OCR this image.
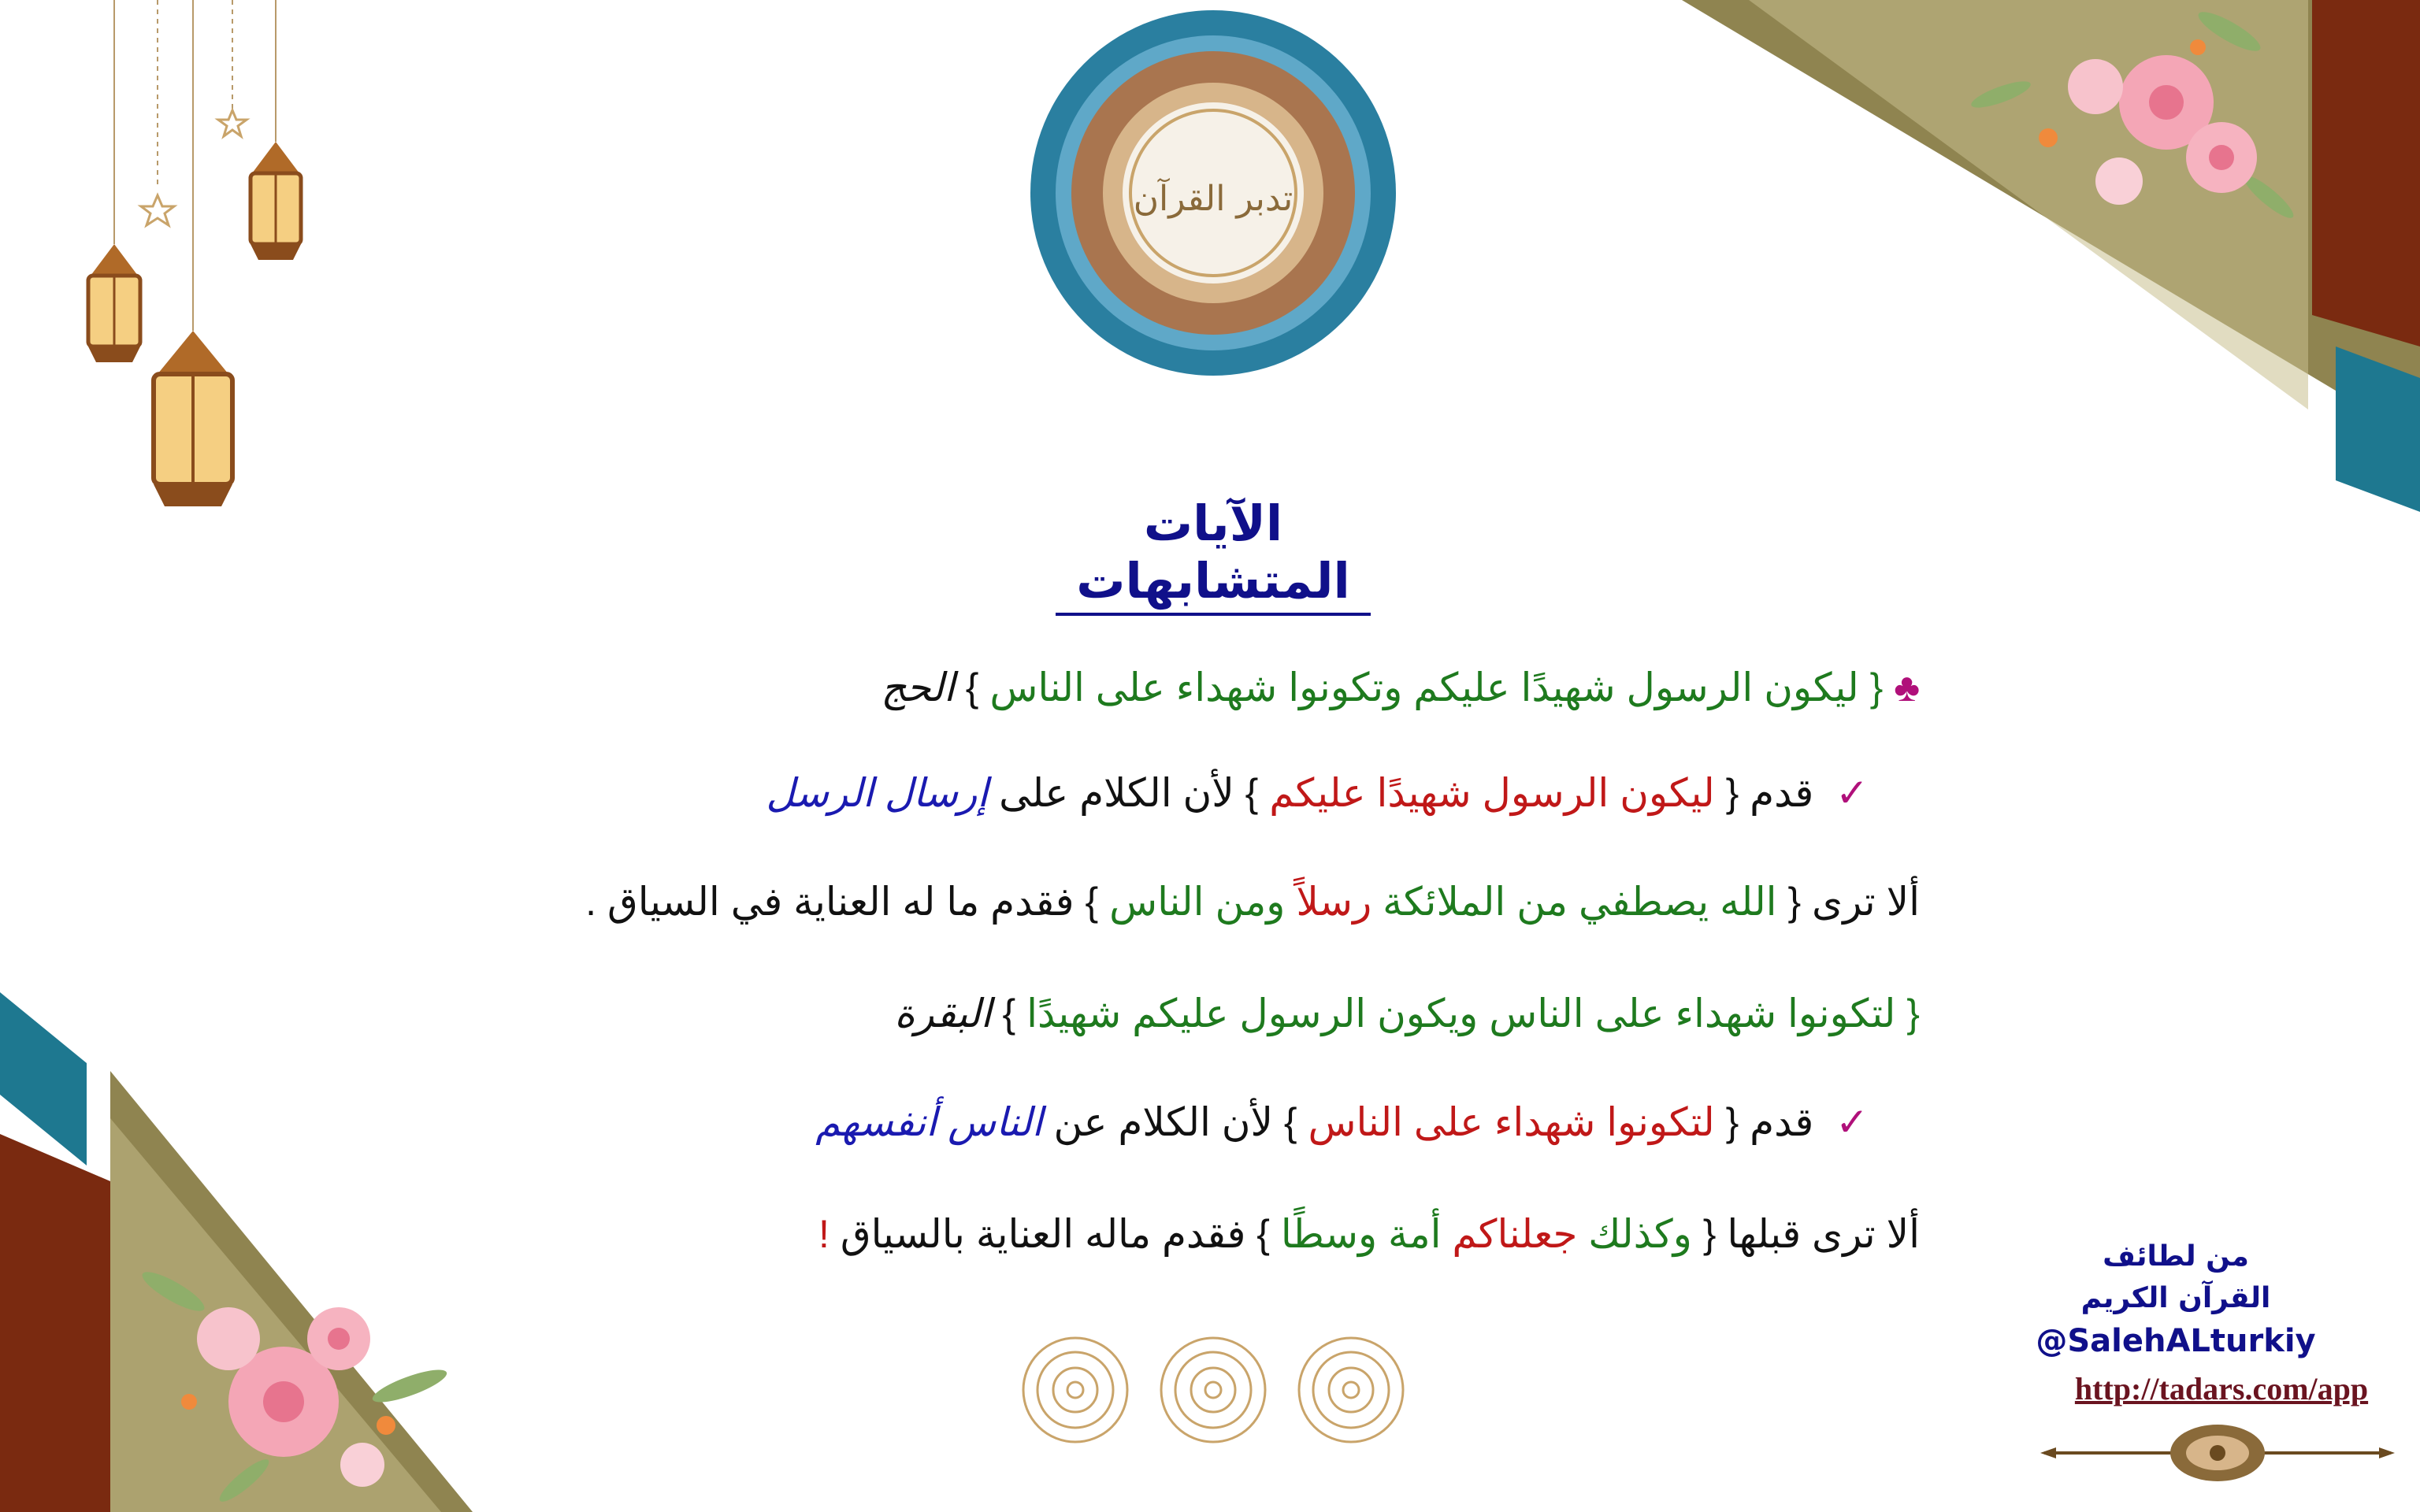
تدبر القرآن
الآيات المتشابهات
♣ { ليكون الرسول شهيدًا عليكم وتكونوا شهداء على الناس } الحج
✓  قدم { ليكون الرسول شهيدًا عليكم } لأن الكلام على إرسال الرسل
ألا ترى { الله يصطفي من الملائكة رسلاً ومن الناس } فقدم ما له العناية في السياق .
{ لتكونوا شهداء على الناس ويكون الرسول عليكم شهيدًا } البقرة
✓  قدم { لتكونوا شهداء على الناس } لأن الكلام عن الناس أنفسهم
ألا ترى قبلها { وكذلك جعلناكم أمة وسطًا } فقدم ماله العناية بالسياق !
من لطائف
القرآن الكريم
@SalehALturkiy
http://tadars.com/app
